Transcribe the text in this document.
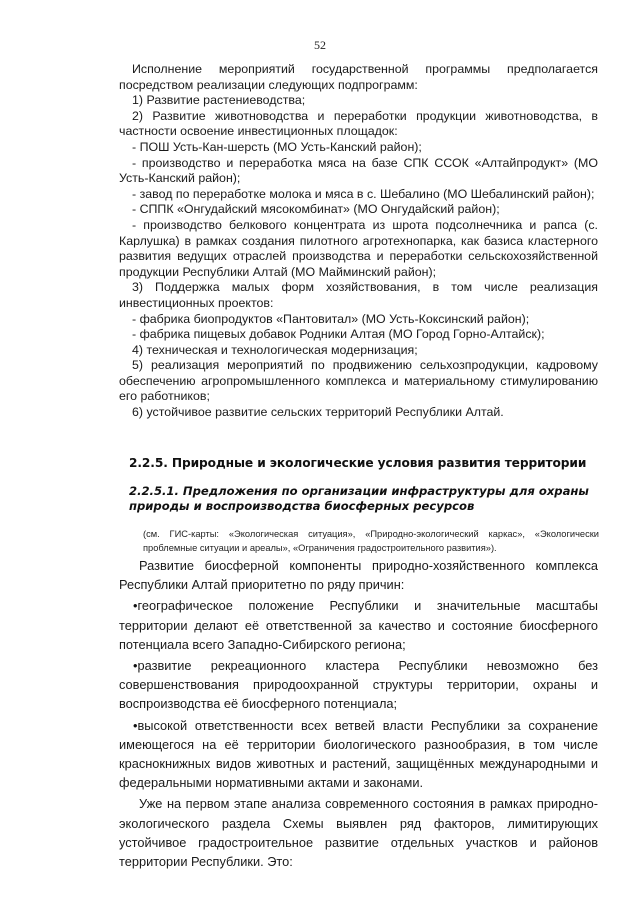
52

Исполнение мероприятий государственной программы предполагается посредством реализации следующих подпрограмм:

1) Развитие растениеводства;

2) Развитие животноводства и переработки продукции животноводства, в частности освоение инвестиционных площадок:

- ПОШ Усть-Кан-шерсть (МО Усть-Канский район);

- производство и переработка мяса на базе СПК ССОК «Алтайпродукт» (МО Усть-Канский район);

- завод по переработке молока и мяса в с. Шебалино (МО Шебалинский район);

- СППК «Онгудайский мясокомбинат» (МО Онгудайский район);

- производство белкового концентрата из шрота подсолнечника и рапса (с. Карлушка) в рамках создания пилотного агротехнопарка, как базиса кластерного развития ведущих отраслей производства и переработки сельскохозяйственной продукции Республики Алтай (МО Майминский район);

3) Поддержка малых форм хозяйствования, в том числе реализация инвестиционных проектов:

- фабрика биопродуктов «Пантовитал» (МО Усть-Коксинский район);

- фабрика пищевых добавок Родники Алтая (МО Город Горно-Алтайск);

4) техническая и технологическая модернизация;

5) реализация мероприятий по продвижению сельхозпродукции, кадровому обеспечению агропромышленного комплекса и материальному стимулированию его работников;

6) устойчивое развитие сельских территорий Республики Алтай.

2.2.5. Природные и экологические условия развития территории
2.2.5.1. Предложения по организации инфраструктуры для охраны природы и воспроизводства биосферных ресурсов
(см. ГИС-карты: «Экологическая ситуация», «Природно-экологический каркас», «Экологически проблемные ситуации и ареалы», «Ограничения градостроительного развития»).

Развитие биосферной компоненты природно-хозяйственного комплекса Республики Алтай приоритетно по ряду причин:

•географическое положение Республики и значительные масштабы территории делают её ответственной за качество и состояние биосферного потенциала всего Западно-Сибирского региона;

•развитие рекреационного кластера Республики невозможно без совершенствования природоохранной структуры территории, охраны и воспроизводства её биосферного потенциала;

•высокой ответственности всех ветвей власти Республики за сохранение имеющегося на её территории биологического разнообразия, в том числе краснокнижных видов животных и растений, защищённых международными и федеральными нормативными актами и законами.

Уже на первом этапе анализа современного состояния в рамках природно-экологического раздела Схемы выявлен ряд факторов, лимитирующих устойчивое градостроительное развитие отдельных участков и районов территории Республики. Это:
